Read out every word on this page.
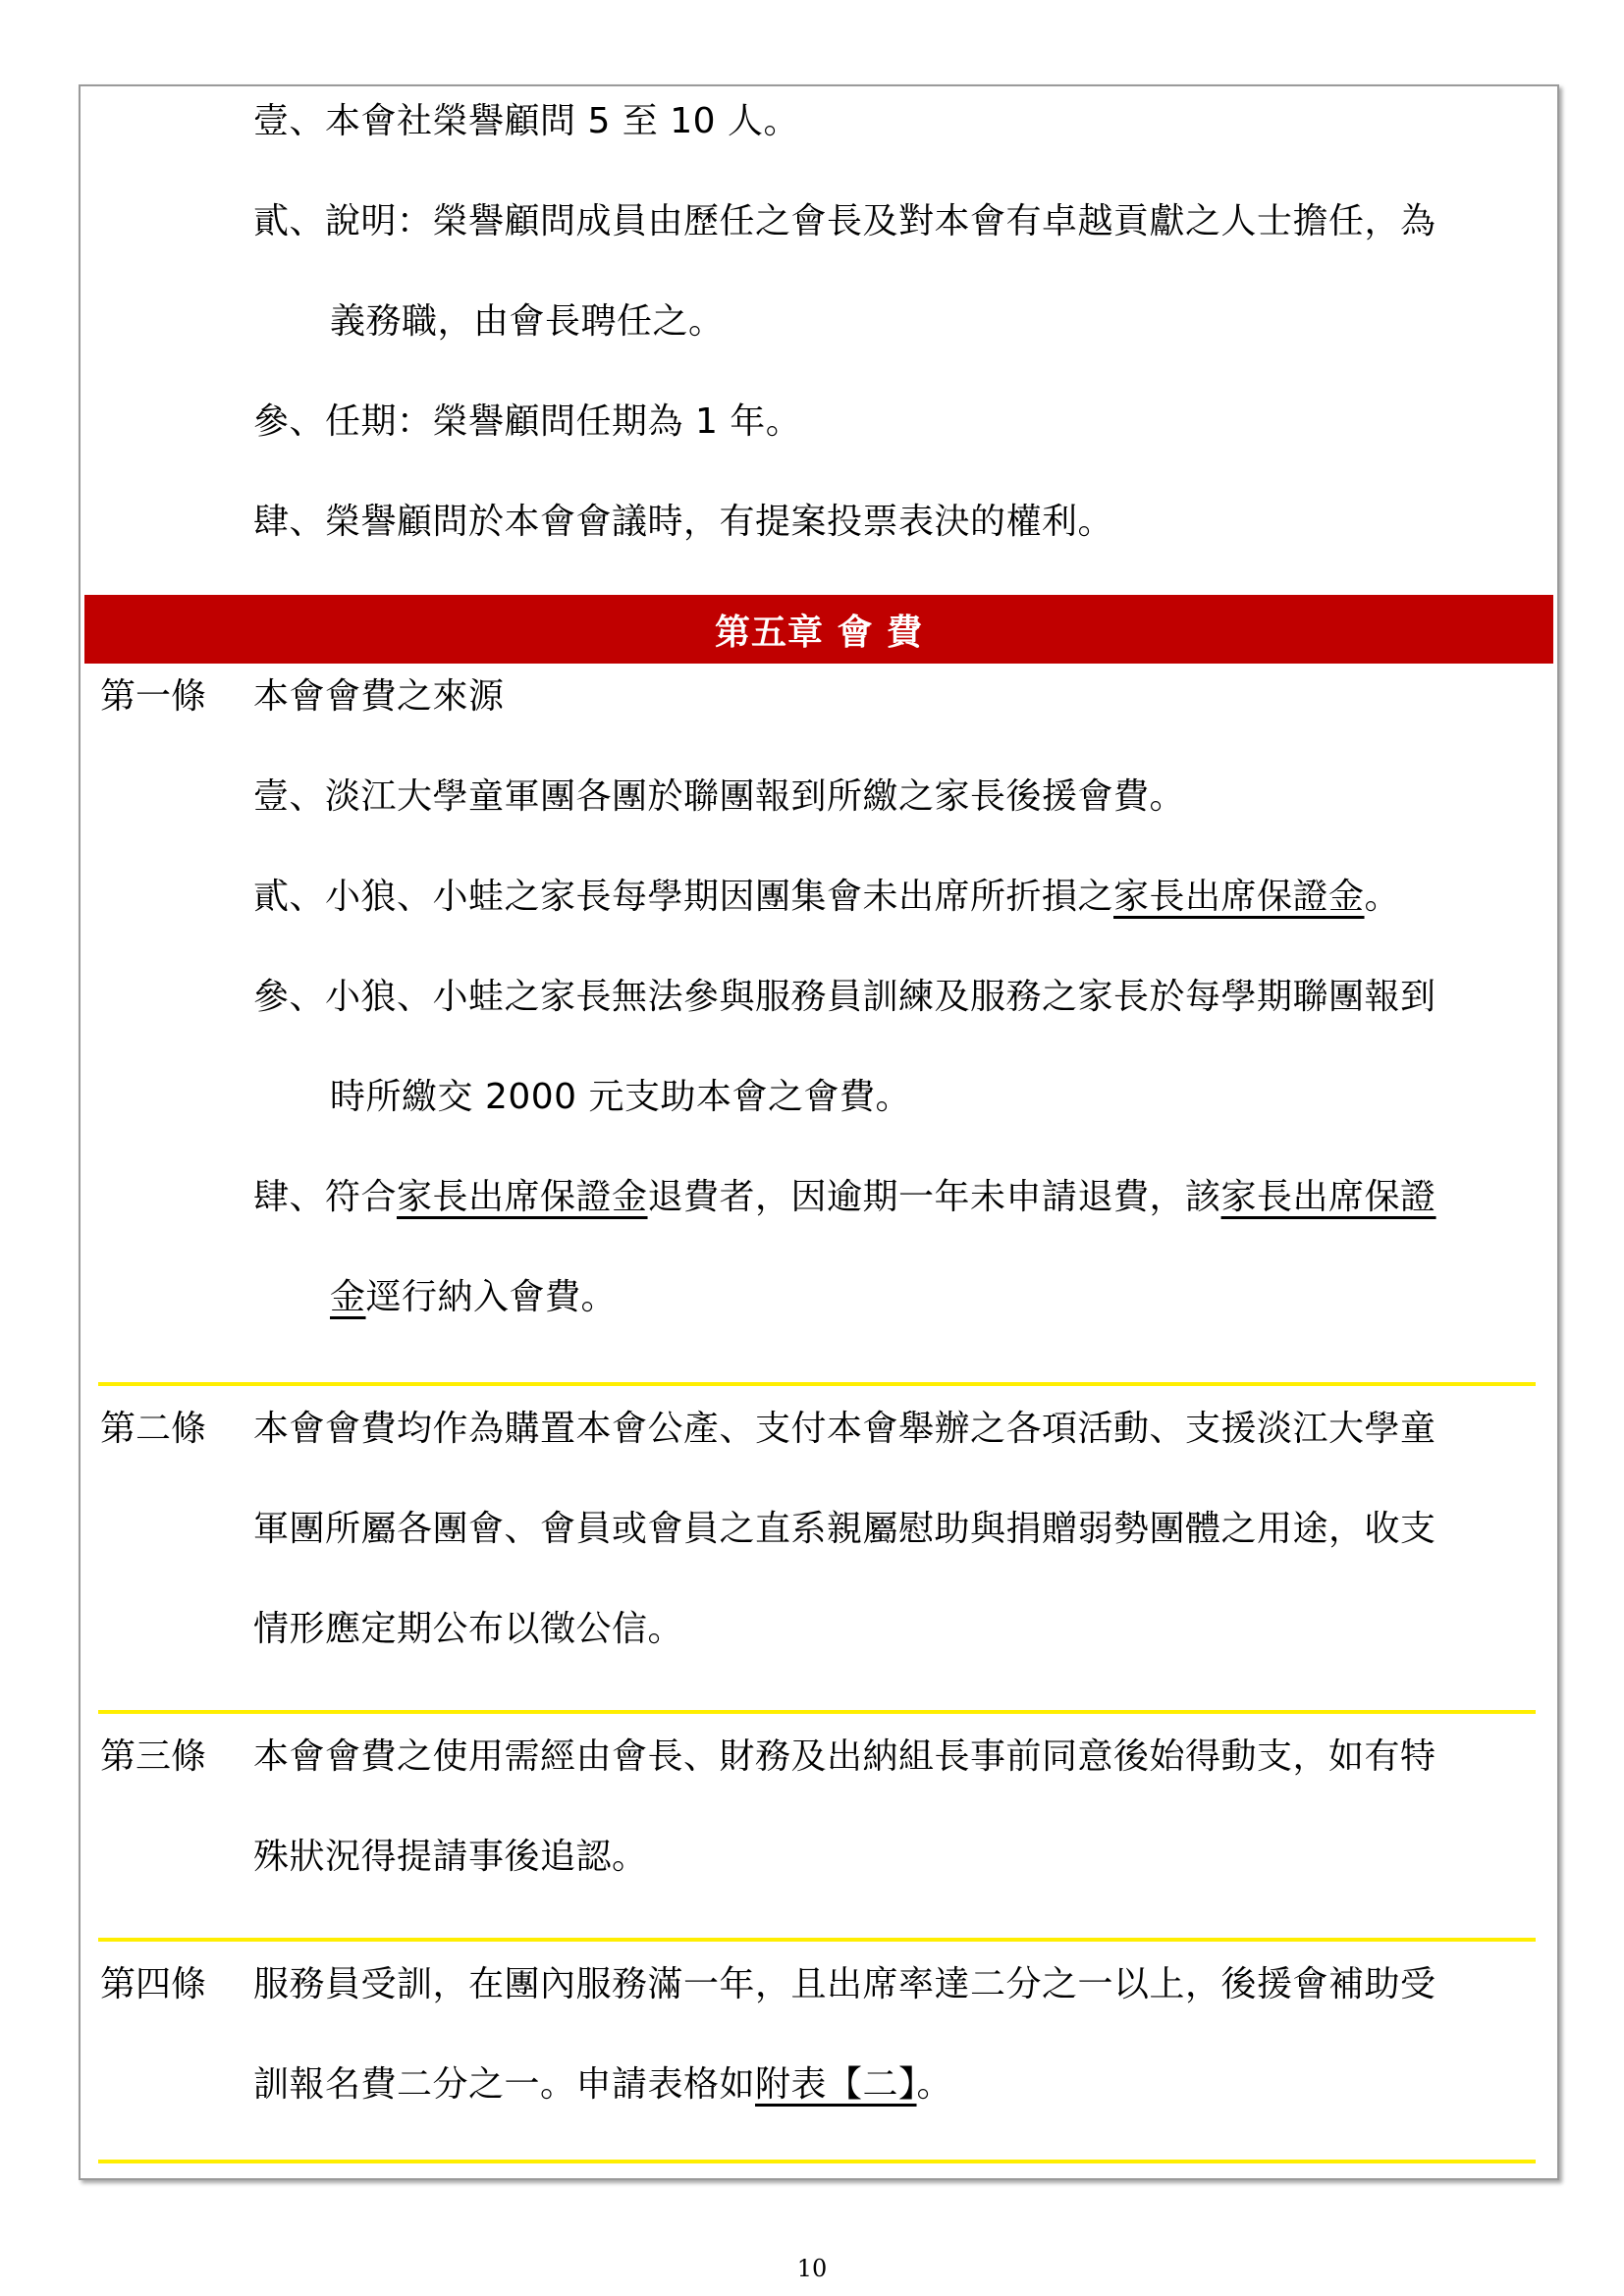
壹、本會社榮譽顧問 5 至 10 人。
貳、說明：榮譽顧問成員由歷任之會長及對本會有卓越貢獻之人士擔任，為
義務職，由會長聘任之。
參、任期：榮譽顧問任期為 1 年。
肆、榮譽顧問於本會會議時，有提案投票表決的權利。
第五章 會 費
第一條 本會會費之來源
壹、淡江大學童軍團各團於聯團報到所繳之家長後援會費。
貳、小狼、小蛙之家長每學期因團集會未出席所折損之家長出席保證金。
參、小狼、小蛙之家長無法參與服務員訓練及服務之家長於每學期聯團報到
時所繳交 2000 元支助本會之會費。
肆、符合家長出席保證金退費者，因逾期一年未申請退費，該家長出席保證
金逕行納入會費。
第二條 本會會費均作為購置本會公產、支付本會舉辦之各項活動、支援淡江大學童
軍團所屬各團會、會員或會員之直系親屬慰助與捐贈弱勢團體之用途，收支
情形應定期公布以徵公信。
第三條 本會會費之使用需經由會長、財務及出納組長事前同意後始得動支，如有特
殊狀況得提請事後追認。
第四條 服務員受訓，在團內服務滿一年，且出席率達二分之一以上，後援會補助受
訓報名費二分之一。申請表格如附表【二】。
10
